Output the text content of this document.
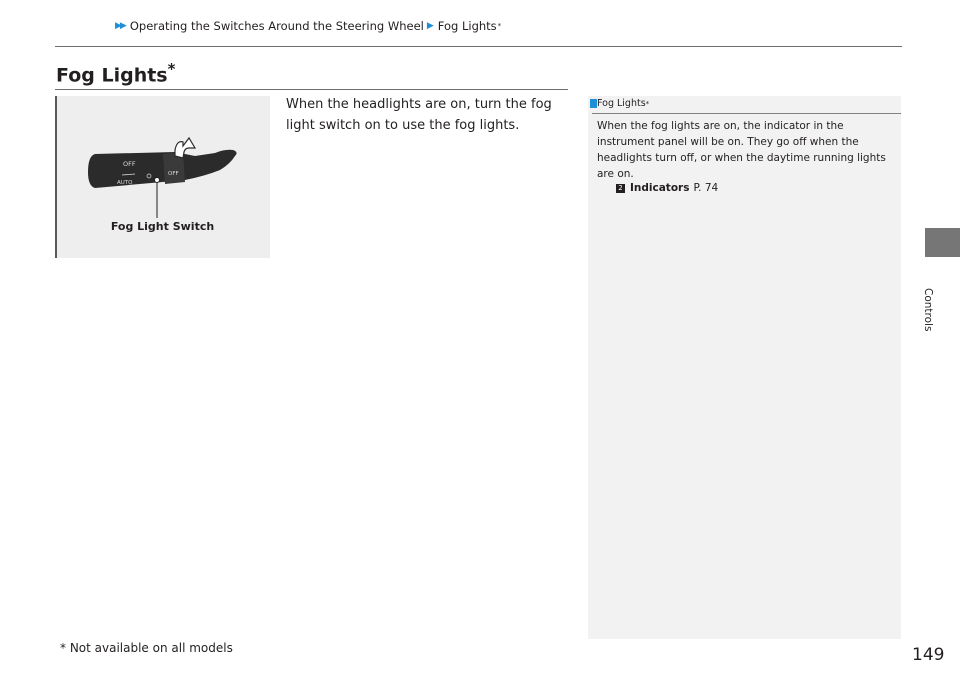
▶▶ Operating the Switches Around the Steering Wheel ▶ Fog Lights *
Fog Lights*
OFF
AUTO
OFF
Fog Light Switch

When the headlights are on, turn the fog light switch on to use the fog lights.

Fog Lights *

When the fog lights are on, the indicator in the instrument panel will be on. They go off when the headlights turn off, or when the daytime running lights are on.

2 Indicators P. 74
* Not available on all models	149
Controls
